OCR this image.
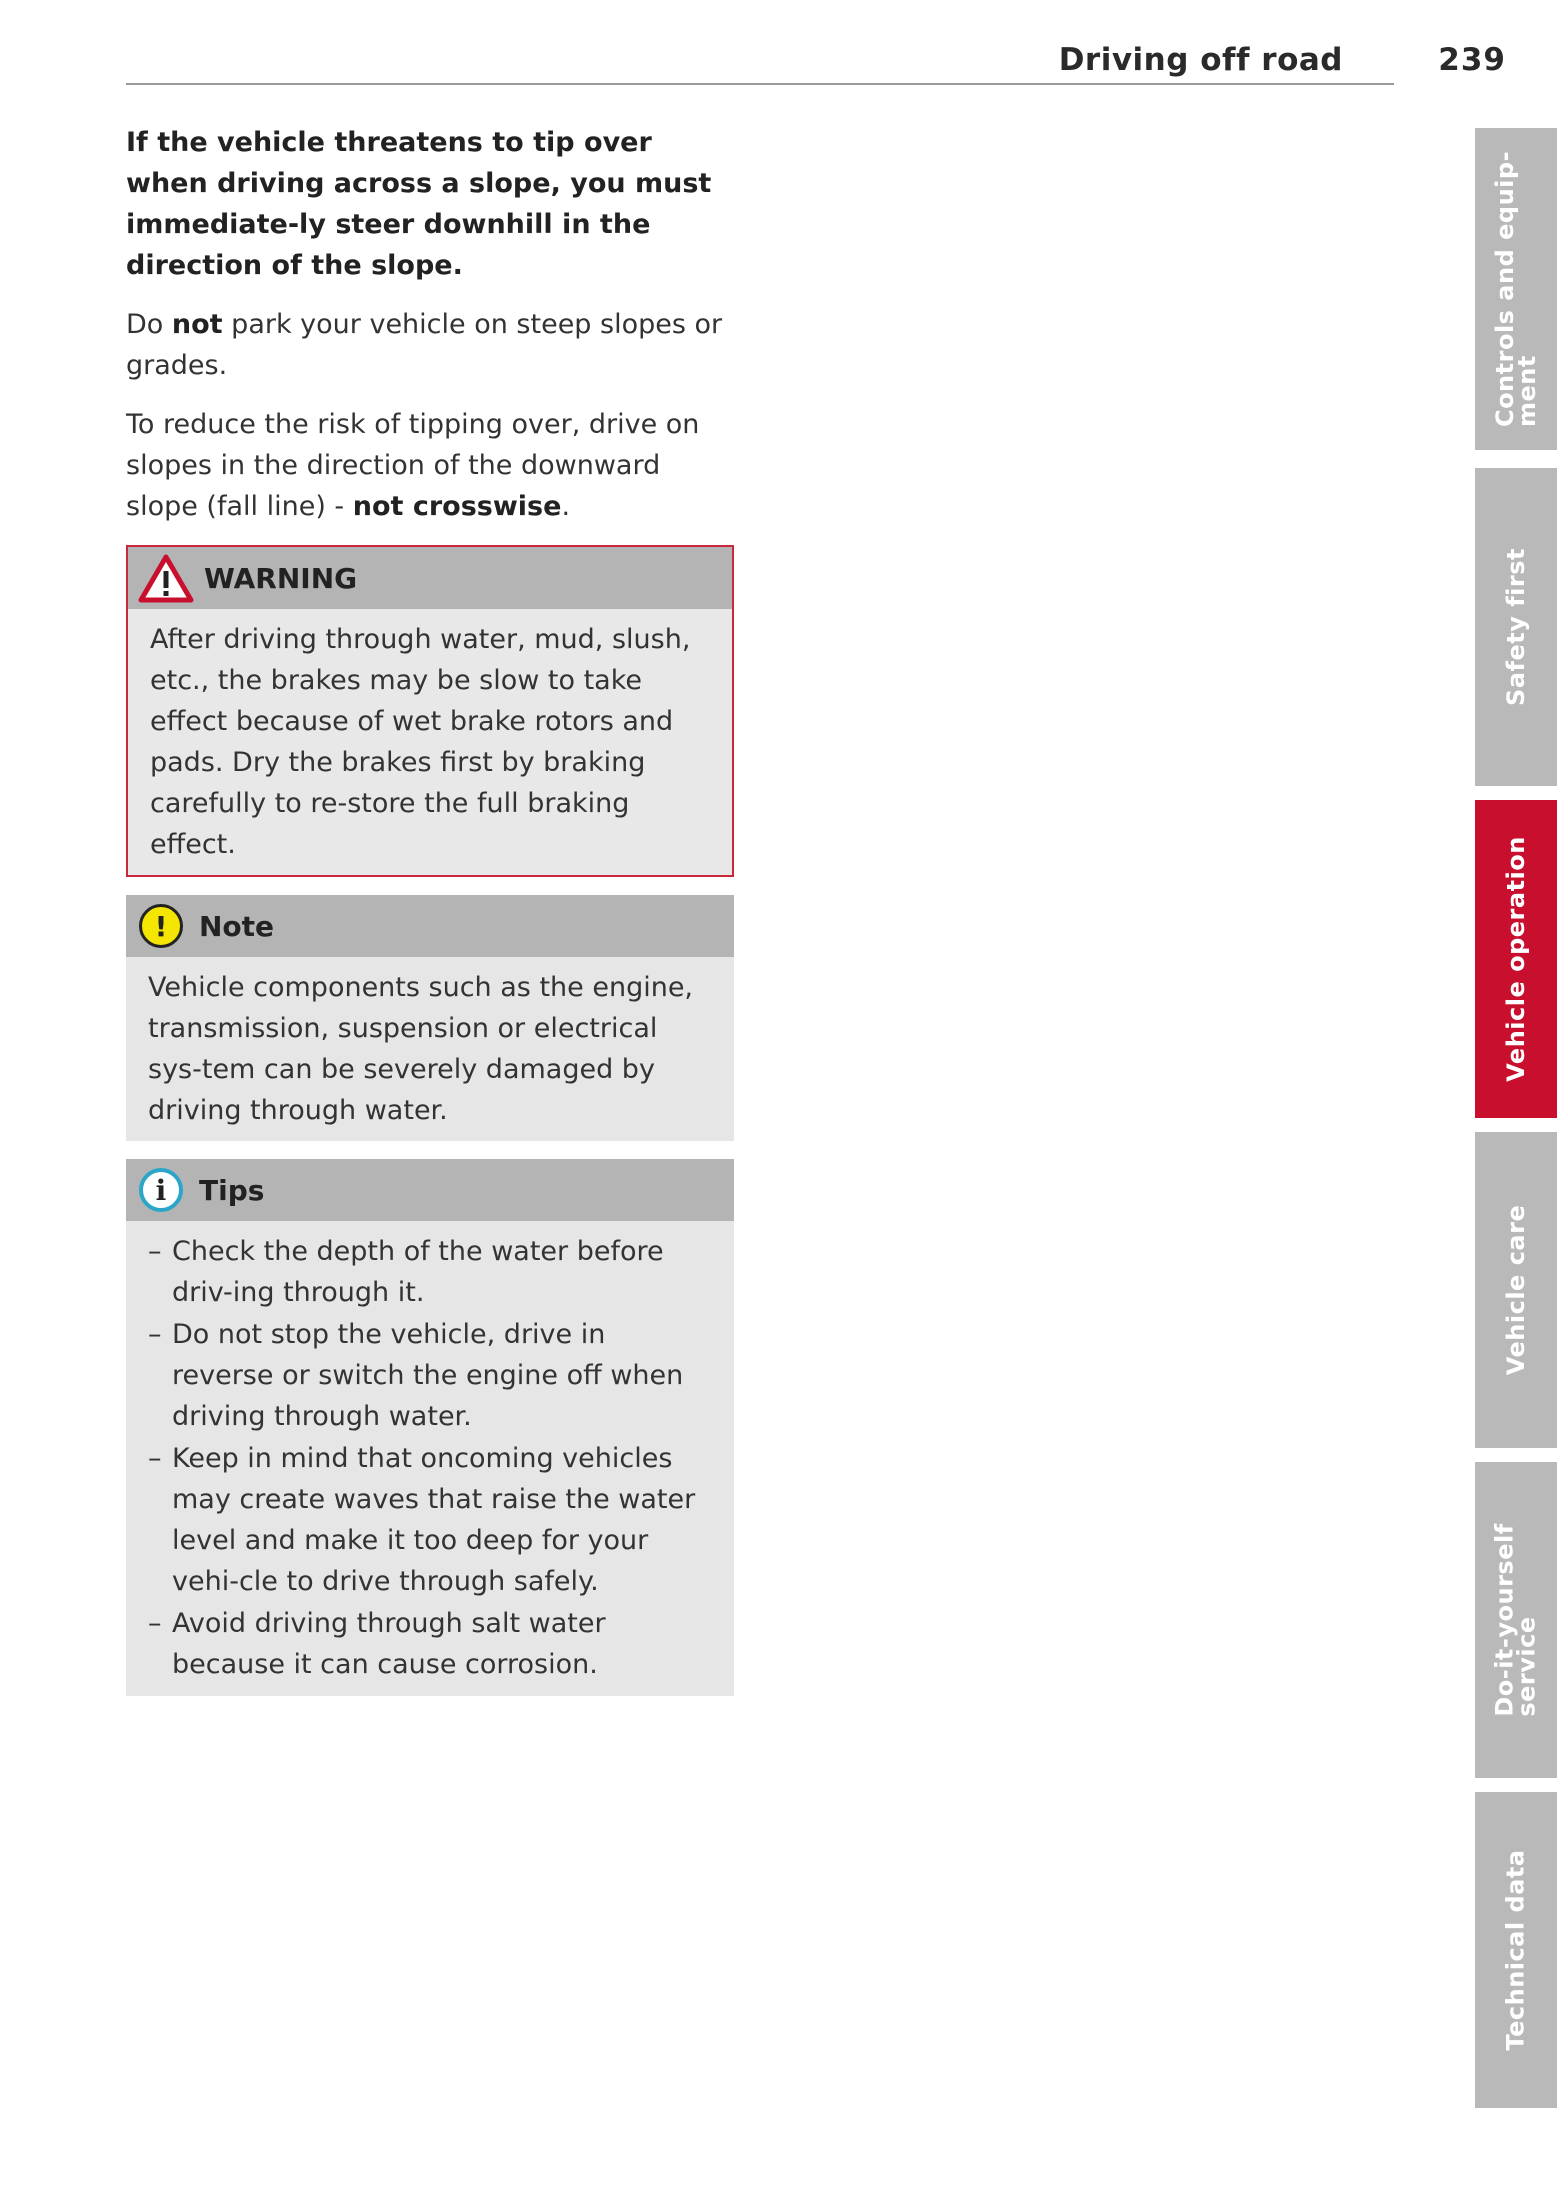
Driving off road	239

If the vehicle threatens to tip over when driving across a slope, you must immediate-ly steer downhill in the direction of the slope.

Do not park your vehicle on steep slopes or grades.

To reduce the risk of tipping over, drive on slopes in the direction of the downward slope (fall line) - not crosswise.

WARNING
After driving through water, mud, slush, etc., the brakes may be slow to take effect because of wet brake rotors and pads. Dry the brakes first by braking carefully to re-store the full braking effect.
!	Note
Vehicle components such as the engine, transmission, suspension or electrical sys-tem can be severely damaged by driving through water.
i	Tips
– Check the depth of the water before driv-ing through it.
– Do not stop the vehicle, drive in reverse or switch the engine off when driving through water.
– Keep in mind that oncoming vehicles may create waves that raise the water level and make it too deep for your vehi-cle to drive through safely.
– Avoid driving through salt water because it can cause corrosion.
Controls and equip-
ment
Safety first
Vehicle operation
Vehicle care
Do-it-yourself
service
Technical data
